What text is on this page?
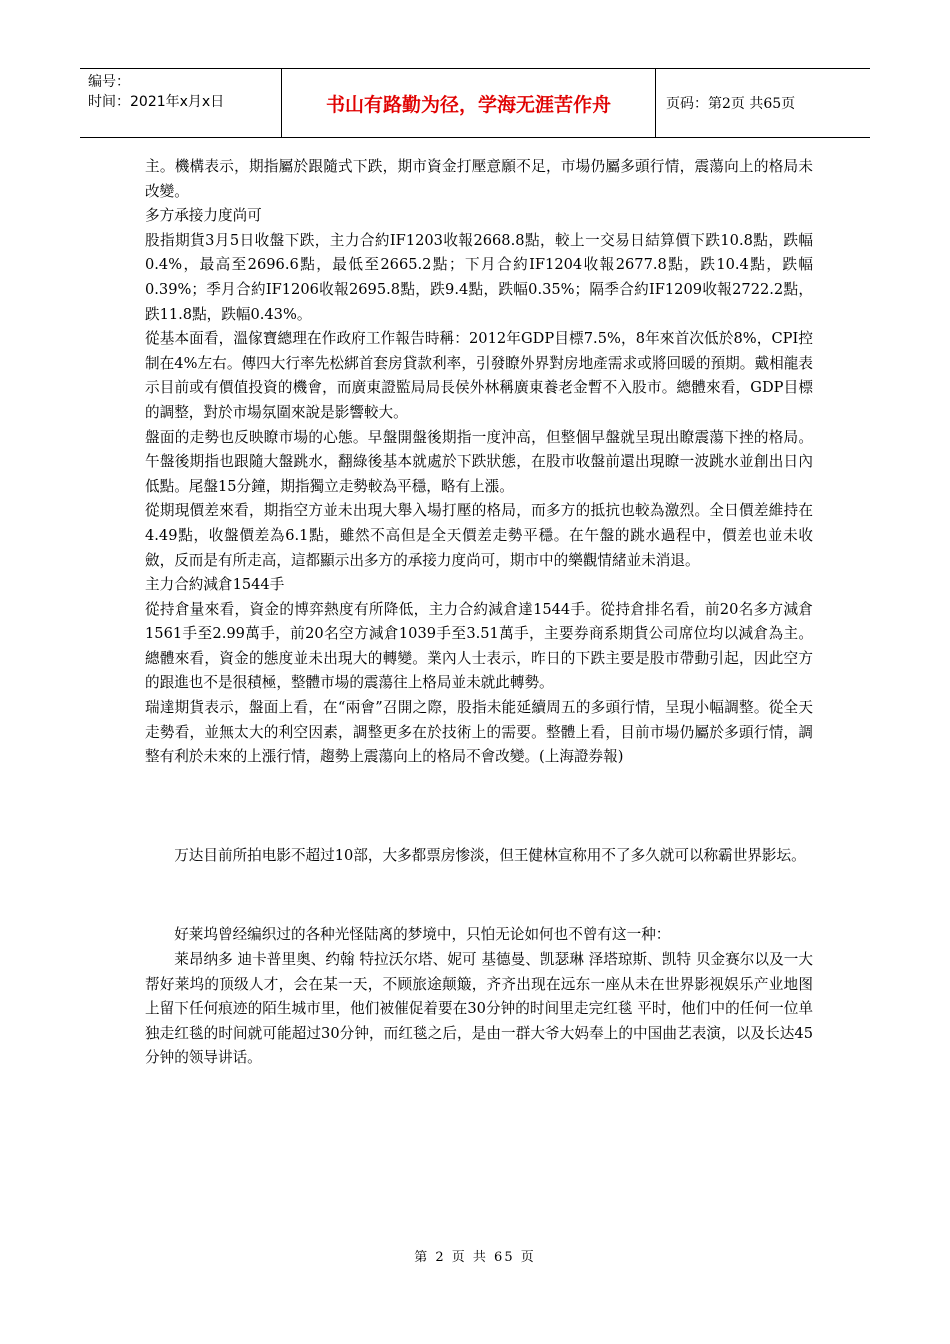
编号：
时间：2021年x月x日	书山有路勤为径，学海无涯苦作舟	页码：第2页 共65页

主。機構表示，期指屬於跟隨式下跌，期市資金打壓意願不足，市場仍屬多頭行情，震蕩向上的格局未改變。

多方承接力度尚可

股指期貨3月5日收盤下跌，主力合約IF1203收報2668.8點，較上一交易日結算價下跌10.8點，跌幅0.4%，最高至2696.6點，最低至2665.2點；下月合約IF1204收報2677.8點，跌10.4點，跌幅0.39%；季月合約IF1206收報2695.8點，跌9.4點，跌幅0.35%；隔季合約IF1209收報2722.2點，跌11.8點，跌幅0.43%。

從基本面看，溫傢寶總理在作政府工作報告時稱：2012年GDP目標7.5%，8年來首次低於8%，CPI控制在4%左右。傳四大行率先松綁首套房貸款利率，引發瞭外界對房地產需求或將回暖的預期。戴相龍表示目前或有價值投資的機會，而廣東證監局局長侯外林稱廣東養老金暫不入股市。總體來看，GDP目標的調整，對於市場氛圍來說是影響較大。

盤面的走勢也反映瞭市場的心態。早盤開盤後期指一度沖高，但整個早盤就呈現出瞭震蕩下挫的格局。午盤後期指也跟隨大盤跳水，翻綠後基本就處於下跌狀態，在股市收盤前還出現瞭一波跳水並創出日內低點。尾盤15分鐘，期指獨立走勢較為平穩，略有上漲。

從期現價差來看，期指空方並未出現大舉入場打壓的格局，而多方的抵抗也較為激烈。全日價差維持在4.49點，收盤價差為6.1點，雖然不高但是全天價差走勢平穩。在午盤的跳水過程中，價差也並未收斂，反而是有所走高，這都顯示出多方的承接力度尚可，期市中的樂觀情緒並未消退。

主力合約減倉1544手

從持倉量來看，資金的博弈熱度有所降低，主力合約減倉達1544手。從持倉排名看，前20名多方減倉1561手至2.99萬手，前20名空方減倉1039手至3.51萬手，主要券商系期貨公司席位均以減倉為主。總體來看，資金的態度並未出現大的轉變。業內人士表示，昨日的下跌主要是股市帶動引起，因此空方的跟進也不是很積極，整體市場的震蕩往上格局並未就此轉勢。

瑞達期貨表示，盤面上看，在“兩會”召開之際，股指未能延續周五的多頭行情，呈現小幅調整。從全天走勢看，並無太大的利空因素，調整更多在於技術上的需要。整體上看，目前市場仍屬於多頭行情，調整有利於未來的上漲行情，趨勢上震蕩向上的格局不會改變。(上海證券報)

万达目前所拍电影不超过10部，大多都票房惨淡，但王健林宣称用不了多久就可以称霸世界影坛。

好莱坞曾经编织过的各种光怪陆离的梦境中，只怕无论如何也不曾有这一种：

莱昂纳多 迪卡普里奥、约翰 特拉沃尔塔、妮可 基德曼、凯瑟琳 泽塔琼斯、凯特 贝金赛尔以及一大帮好莱坞的顶级人才，会在某一天，不顾旅途颠簸，齐齐出现在远东一座从未在世界影视娱乐产业地图上留下任何痕迹的陌生城市里，他们被催促着要在30分钟的时间里走完红毯 平时，他们中的任何一位单独走红毯的时间就可能超过30分钟，而红毯之后，是由一群大爷大妈奉上的中国曲艺表演，以及长达45分钟的领导讲话。

第 2 页 共 65 页
